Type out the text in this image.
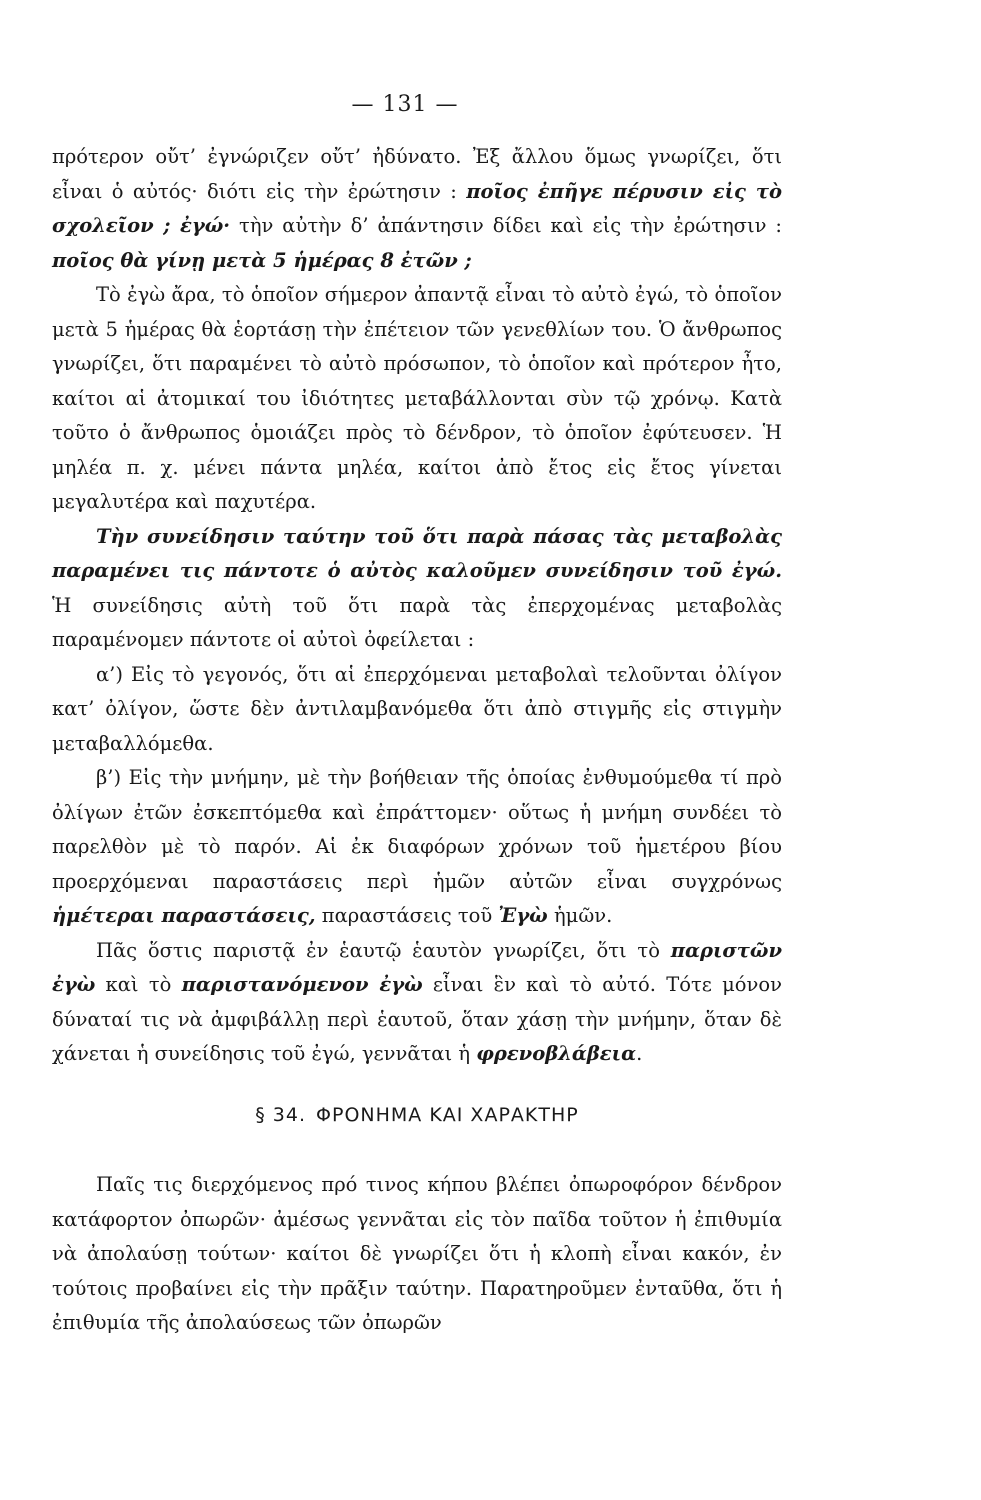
— 131 —

πρότερον οὔτ’ ἐγνώριζεν οὔτ’ ἠδύνατο. Ἐξ ἄλλου ὅμως γνωρίζει, ὅτι εἶναι ὁ αὐτός· διότι εἰς τὴν ἐρώτησιν : ποῖος ἐπῆγε πέρυσιν εἰς τὸ σχολεῖον ; ἐγώ· τὴν αὐτὴν δ’ ἀπάντησιν δίδει καὶ εἰς τὴν ἐρώτησιν : ποῖος θὰ γίνῃ μετὰ 5 ἡμέρας 8 ἐτῶν ;

Τὸ ἐγὼ ἄρα, τὸ ὁποῖον σήμερον ἀπαντᾷ εἶναι τὸ αὐτὸ ἐγώ, τὸ ὁποῖον μετὰ 5 ἡμέρας θὰ ἑορτάσῃ τὴν ἐπέτειον τῶν γενεθλίων του. Ὁ ἄνθρωπος γνωρίζει, ὅτι παραμένει τὸ αὐτὸ πρόσωπον, τὸ ὁποῖον καὶ πρότερον ἦτο, καίτοι αἱ ἀτομικαί του ἰδιότητες μεταβάλλονται σὺν τῷ χρόνῳ. Κατὰ τοῦτο ὁ ἄνθρωπος ὁμοιάζει πρὸς τὸ δένδρον, τὸ ὁποῖον ἐφύτευσεν. Ἡ μηλέα π. χ. μένει πάντα μηλέα, καίτοι ἀπὸ ἔτος εἰς ἔτος γίνεται μεγαλυτέρα καὶ παχυτέρα.

Τὴν συνείδησιν ταύτην τοῦ ὅτι παρὰ πάσας τὰς μεταβολὰς παραμένει τις πάντοτε ὁ αὐτὸς καλοῦμεν συνείδησιν τοῦ ἐγώ. Ἡ συνείδησις αὐτὴ τοῦ ὅτι παρὰ τὰς ἐπερχομένας μεταβολὰς παραμένομεν πάντοτε οἱ αὐτοὶ ὀφείλεται :

α’) Εἰς τὸ γεγονός, ὅτι αἱ ἐπερχόμεναι μεταβολαὶ τελοῦνται ὀλίγον κατ’ ὀλίγον, ὥστε δὲν ἀντιλαμβανόμεθα ὅτι ἀπὸ στιγμῆς εἰς στιγμὴν μεταβαλλόμεθα.

β’) Εἰς τὴν μνήμην, μὲ τὴν βοήθειαν τῆς ὁποίας ἐνθυμούμεθα τί πρὸ ὀλίγων ἐτῶν ἐσκεπτόμεθα καὶ ἐπράττομεν· οὕτως ἡ μνήμη συνδέει τὸ παρελθὸν μὲ τὸ παρόν. Αἱ ἐκ διαφόρων χρόνων τοῦ ἡμετέρου βίου προερχόμεναι παραστάσεις περὶ ἡμῶν αὐτῶν εἶναι συγχρόνως ἡμέτεραι παραστάσεις, παραστάσεις τοῦ Ἐγὼ ἡμῶν.

Πᾶς ὅστις παριστᾷ ἐν ἑαυτῷ ἑαυτὸν γνωρίζει, ὅτι τὸ παριστῶν ἐγὼ καὶ τὸ παριστανόμενον ἐγὼ εἶναι ἓν καὶ τὸ αὐτό. Τότε μόνον δύναταί τις νὰ ἀμφιβάλλῃ περὶ ἑαυτοῦ, ὅταν χάσῃ τὴν μνήμην, ὅταν δὲ χάνεται ἡ συνείδησις τοῦ ἐγώ, γεννᾶται ἡ φρενοβλάβεια.

§ 34. ΦΡΟΝΗΜΑ ΚΑΙ ΧΑΡΑΚΤΗΡ

Παῖς τις διερχόμενος πρό τινος κήπου βλέπει ὀπωροφόρον δένδρον κατάφορτον ὀπωρῶν· ἀμέσως γεννᾶται εἰς τὸν παῖδα τοῦτον ἡ ἐπιθυμία νὰ ἀπολαύσῃ τούτων· καίτοι δὲ γνωρίζει ὅτι ἡ κλοπὴ εἶναι κακόν, ἐν τούτοις προβαίνει εἰς τὴν πρᾶξιν ταύτην. Παρατηροῦμεν ἐνταῦθα, ὅτι ἡ ἐπιθυμία τῆς ἀπολαύσεως τῶν ὀπωρῶν
